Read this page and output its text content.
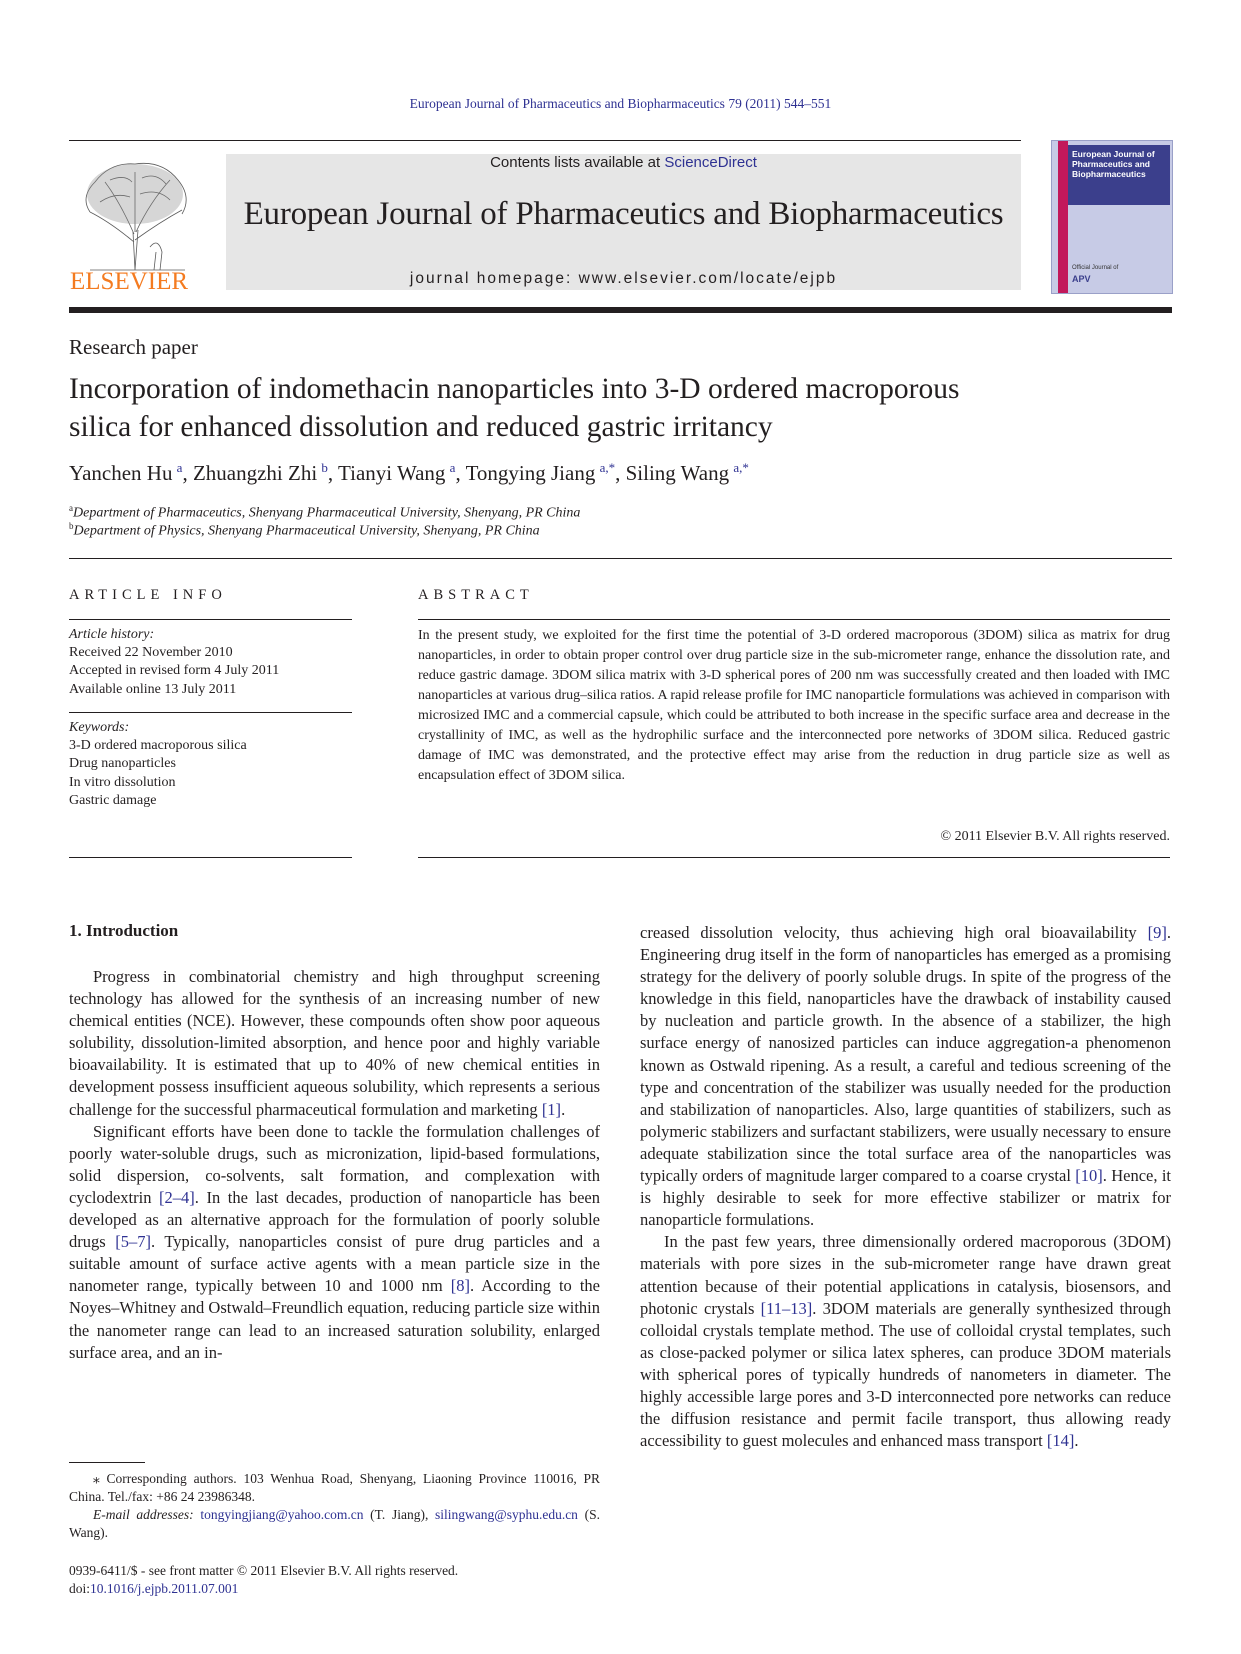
European Journal of Pharmaceutics and Biopharmaceutics 79 (2011) 544–551
ELSEVIER
Contents lists available at ScienceDirect
European Journal of Pharmaceutics and Biopharmaceutics
journal homepage: www.elsevier.com/locate/ejpb
European Journal of Pharmaceutics and Biopharmaceutics
Official Journal of
APV
Research paper
Incorporation of indomethacin nanoparticles into 3-D ordered macroporous
silica for enhanced dissolution and reduced gastric irritancy
Yanchen Hu  $^a$, Zhuangzhi Zhi  $^b$, Tianyi Wang  $^a$, Tongying Jiang  $^{a,*}$, Siling Wang  $^{a,*}$
$^a$Department of Pharmaceutics, Shenyang Pharmaceutical University, Shenyang, PR China
$^b$Department of Physics, Shenyang Pharmaceutical University, Shenyang, PR China
ARTICLE INFO
Article history:
Received 22 November 2010
Accepted in revised form 4 July 2011
Available online 13 July 2011
Keywords:
3-D ordered macroporous silica
Drug nanoparticles
In vitro dissolution
Gastric damage
ABSTRACT
In the present study, we exploited for the first time the potential of 3-D ordered macroporous (3DOM) silica as matrix for drug nanoparticles, in order to obtain proper control over drug particle size in the sub-micrometer range, enhance the dissolution rate, and reduce gastric damage. 3DOM silica matrix with 3-D spherical pores of 200 nm was successfully created and then loaded with IMC nanoparticles at various drug–silica ratios. A rapid release profile for IMC nanoparticle formulations was achieved in comparison with microsized IMC and a commercial capsule, which could be attributed to both increase in the specific surface area and decrease in the crystallinity of IMC, as well as the hydrophilic surface and the interconnected pore networks of 3DOM silica. Reduced gastric damage of IMC was demonstrated, and the protective effect may arise from the reduction in drug particle size as well as encapsulation effect of 3DOM silica.
© 2011 Elsevier B.V. All rights reserved.
1. Introduction

Progress in combinatorial chemistry and high throughput screening technology has allowed for the synthesis of an increasing number of new chemical entities (NCE). However, these compounds often show poor aqueous solubility, dissolution-limited absorption, and hence poor and highly variable bioavailability. It is estimated that up to 40% of new chemical entities in development possess insufficient aqueous solubility, which represents a serious challenge for the successful pharmaceutical formulation and marketing [1].

Significant efforts have been done to tackle the formulation challenges of poorly water-soluble drugs, such as micronization, lipid-based formulations, solid dispersion, co-solvents, salt formation, and complexation with cyclodextrin [2–4]. In the last decades, production of nanoparticle has been developed as an alternative approach for the formulation of poorly soluble drugs [5–7]. Typically, nanoparticles consist of pure drug particles and a suitable amount of surface active agents with a mean particle size in the nanometer range, typically between 10 and 1000 nm [8]. According to the Noyes–Whitney and Ostwald–Freundlich equation, reducing particle size within the nanometer range can lead to an increased saturation solubility, enlarged surface area, and an in-

creased dissolution velocity, thus achieving high oral bioavailability [9]. Engineering drug itself in the form of nanoparticles has emerged as a promising strategy for the delivery of poorly soluble drugs. In spite of the progress of the knowledge in this field, nanoparticles have the drawback of instability caused by nucleation and particle growth. In the absence of a stabilizer, the high surface energy of nanosized particles can induce aggregation-a phenomenon known as Ostwald ripening. As a result, a careful and tedious screening of the type and concentration of the stabilizer was usually needed for the production and stabilization of nanoparticles. Also, large quantities of stabilizers, such as polymeric stabilizers and surfactant stabilizers, were usually necessary to ensure adequate stabilization since the total surface area of the nanoparticles was typically orders of magnitude larger compared to a coarse crystal [10]. Hence, it is highly desirable to seek for more effective stabilizer or matrix for nanoparticle formulations.

In the past few years, three dimensionally ordered macroporous (3DOM) materials with pore sizes in the sub-micrometer range have drawn great attention because of their potential applications in catalysis, biosensors, and photonic crystals [11–13]. 3DOM materials are generally synthesized through colloidal crystals template method. The use of colloidal crystal templates, such as close-packed polymer or silica latex spheres, can produce 3DOM materials with spherical pores of typically hundreds of nanometers in diameter. The highly accessible large pores and 3-D interconnected pore networks can reduce the diffusion resistance and permit facile transport, thus allowing ready accessibility to guest molecules and enhanced mass transport [14].

⁎ Corresponding authors. 103 Wenhua Road, Shenyang, Liaoning Province 110016, PR China. Tel./fax: +86 24 23986348.
E-mail addresses: tongyingjiang@yahoo.com.cn (T. Jiang), silingwang@syphu.edu.cn (S. Wang).
0939-6411/$ - see front matter © 2011 Elsevier B.V. All rights reserved.
doi:10.1016/j.ejpb.2011.07.001
